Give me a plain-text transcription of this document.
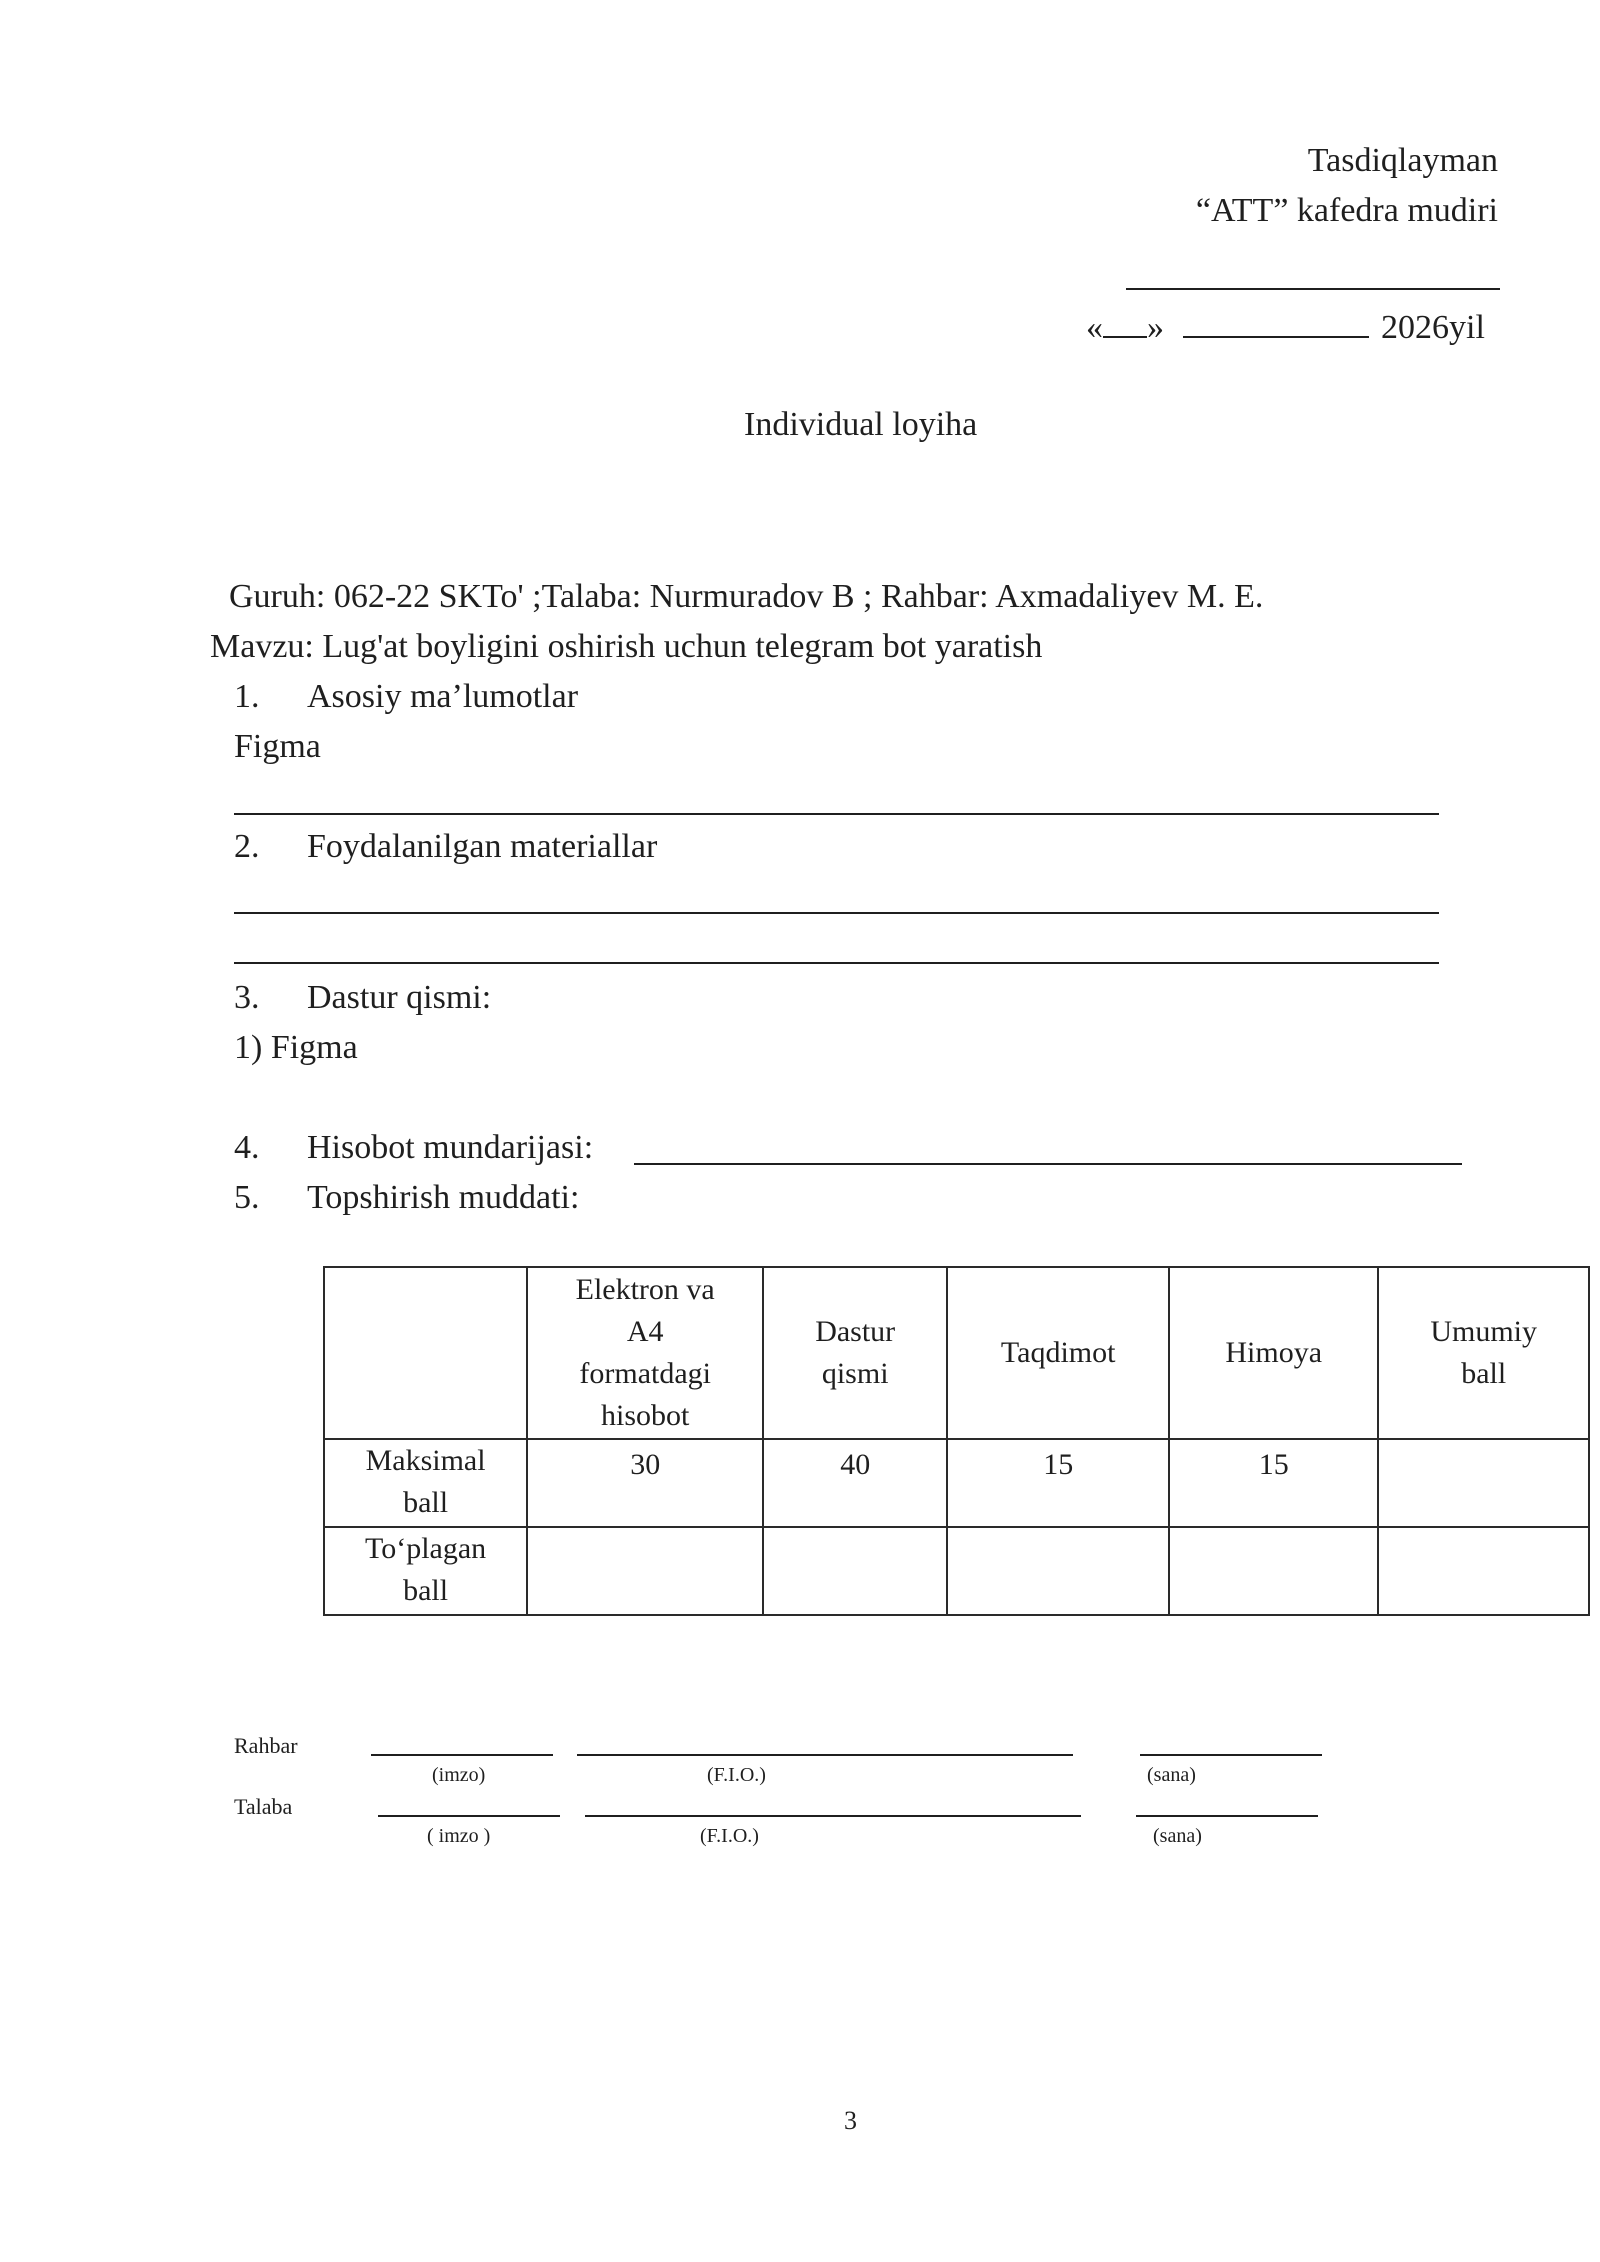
Tasdiqlayman
“ATT” kafedra mudiri
« »	2026yil
Individual loyiha
Guruh: 062-22 SKTo' ;Talaba: Nurmuradov B ; Rahbar: Axmadaliyev M. E.
Mavzu: Lug'at boyligini oshirish uchun telegram bot yaratish
1. Asosiy ma’lumotlar
Figma
2. Foydalanilgan materiallar
3. Dastur qismi:
1) Figma
4. Hisobot mundarijasi:
5. Topshirish muddati:
	Elektron va A4 formatdagi hisobot	Dastur qismi	Taqdimot	Himoya	Umumiy ball
Maksimal ball	30	40	15	15	
To‘plagan ball					
Rahbar
(imzo)	(F.I.O.)	(sana)
Talaba
( imzo )	(F.I.O.)	(sana)
3
